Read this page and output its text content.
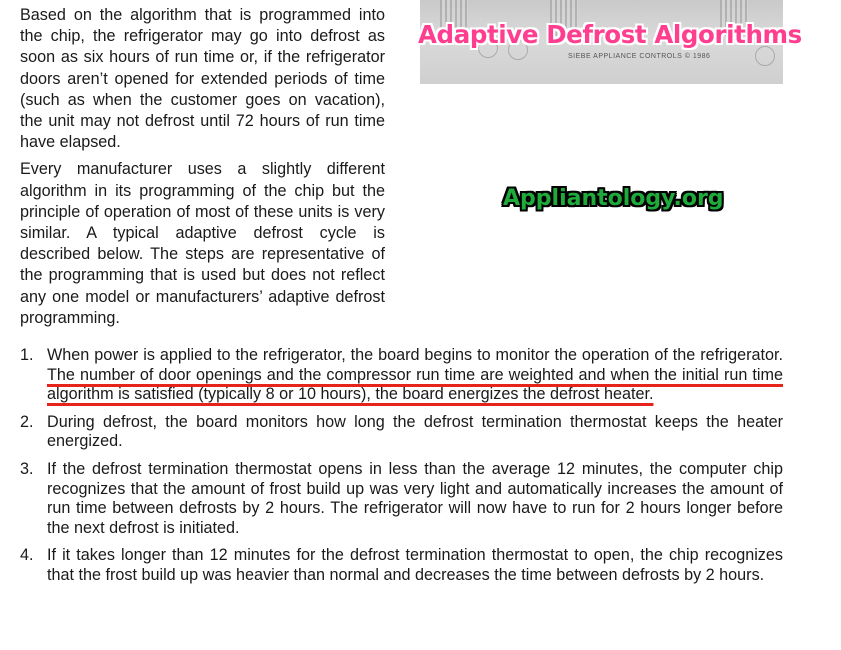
Based on the algorithm that is programmed into the chip, the refrigerator may go into defrost as soon as six hours of run time or, if the refrigerator doors aren’t opened for extended periods of time (such as when the customer goes on vacation), the unit may not defrost until 72 hours of run time have elapsed.

Every manufacturer uses a slightly different algorithm in its programming of the chip but the principle of operation of most of these units is very similar. A typical adaptive defrost cycle is described below. The steps are representative of the programming that is used but does not reflect any one model or manufacturers’ adaptive defrost programming.

SIEBE APPLIANCE CONTROLS © 1986
Adaptive Defrost Algorithms
Appliantology.org
1. When power is applied to the refrigerator, the board begins to monitor the operation of the refrigerator. The number of door openings and the compressor run time are weighted and when the initial run time algorithm is satisfied (typically 8 or 10 hours), the board energizes the defrost heater.
2. During defrost, the board monitors how long the defrost termination thermostat keeps the heater energized.
3. If the defrost termination thermostat opens in less than the average 12 minutes, the computer chip recognizes that the amount of frost build up was very light and automatically increases the amount of run time between defrosts by 2 hours. The refrigerator will now have to run for 2 hours longer before the next defrost is initiated.
4. If it takes longer than 12 minutes for the defrost termination thermostat to open, the chip recognizes that the frost build up was heavier than normal and decreases the time between defrosts by 2 hours.
